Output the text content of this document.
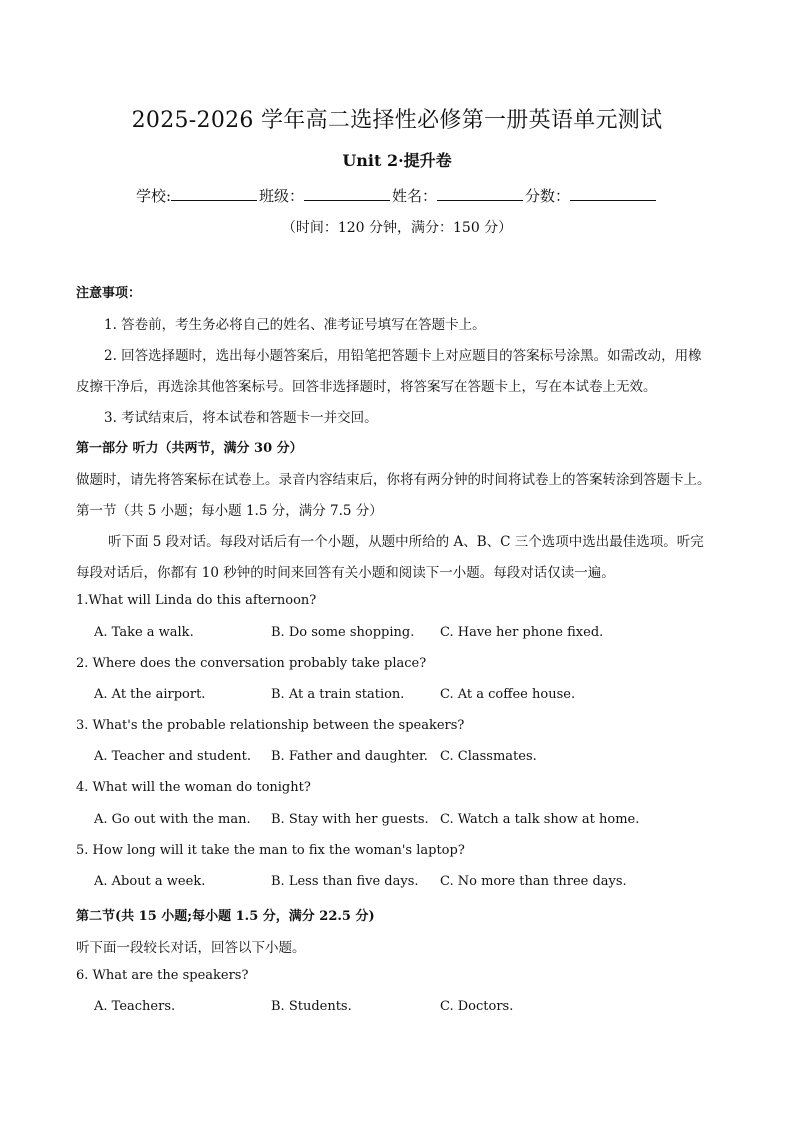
2025-2026 学年高二选择性必修第一册英语单元测试
Unit 2·提升卷
学校:	班级：	姓名：	分数：
（时间：120 分钟，满分：150 分）
注意事项：
1. 答卷前，考生务必将自己的姓名、准考证号填写在答题卡上。
2. 回答选择题时，选出每小题答案后，用铅笔把答题卡上对应题目的答案标号涂黑。如需改动，用橡
皮擦干净后，再选涂其他答案标号。回答非选择题时，将答案写在答题卡上，写在本试卷上无效。
3. 考试结束后，将本试卷和答题卡一并交回。
第一部分 听力（共两节，满分 30 分）
做题时，请先将答案标在试卷上。录音内容结束后，你将有两分钟的时间将试卷上的答案转涂到答题卡上。
第一节（共 5 小题；每小题 1.5 分，满分 7.5 分）
听下面 5 段对话。每段对话后有一个小题，从题中所给的 A、B、C 三个选项中选出最佳选项。听完
每段对话后，你都有 10 秒钟的时间来回答有关小题和阅读下一小题。每段对话仅读一遍。
1.What will Linda do this afternoon?
A. Take a walk.	B. Do some shopping. C. Have her phone fixed.
2. Where does the conversation probably take place?
A. At the airport.	B. At a train station.	C. At a coffee house.
3. What's the probable relationship between the speakers?
A. Teacher and student. B. Father and daughter. C. Classmates.
4. What will the woman do tonight?
A. Go out with the man. B. Stay with her guests. C. Watch a talk show at home.
5. How long will it take the man to fix the woman's laptop?
A. About a week.	B. Less than five days. C. No more than three days.
第二节(共 15 小题;每小题 1.5 分，满分 22.5 分)
听下面一段较长对话，回答以下小题。
6. What are the speakers?
A. Teachers.	B. Students.	C. Doctors.
